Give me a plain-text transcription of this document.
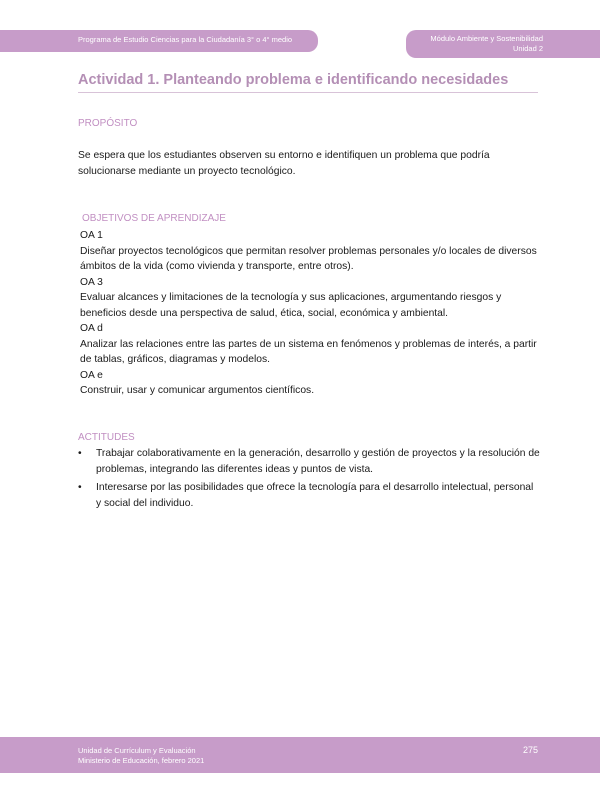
Programa de Estudio Ciencias para la Ciudadanía 3° o 4° medio	Módulo Ambiente y Sostenibilidad
Unidad 2
Actividad 1. Planteando problema e identificando necesidades
PROPÓSITO
Se espera que los estudiantes observen su entorno e identifiquen un problema que podría solucionarse mediante un proyecto tecnológico.
OBJETIVOS DE APRENDIZAJE

OA 1

Diseñar proyectos tecnológicos que permitan resolver problemas personales y/o locales de diversos ámbitos de la vida (como vivienda y transporte, entre otros).

OA 3

Evaluar alcances y limitaciones de la tecnología y sus aplicaciones, argumentando riesgos y beneficios desde una perspectiva de salud, ética, social, económica y ambiental.

OA d

Analizar las relaciones entre las partes de un sistema en fenómenos y problemas de interés, a partir de tablas, gráficos, diagramas y modelos.

OA e

Construir, usar y comunicar argumentos científicos.

ACTITUDES
• Trabajar colaborativamente en la generación, desarrollo y gestión de proyectos y la resolución de problemas, integrando las diferentes ideas y puntos de vista.
• Interesarse por las posibilidades que ofrece la tecnología para el desarrollo intelectual, personal y social del individuo.
Unidad de Currículum y Evaluación
Ministerio de Educación, febrero 2021
275
